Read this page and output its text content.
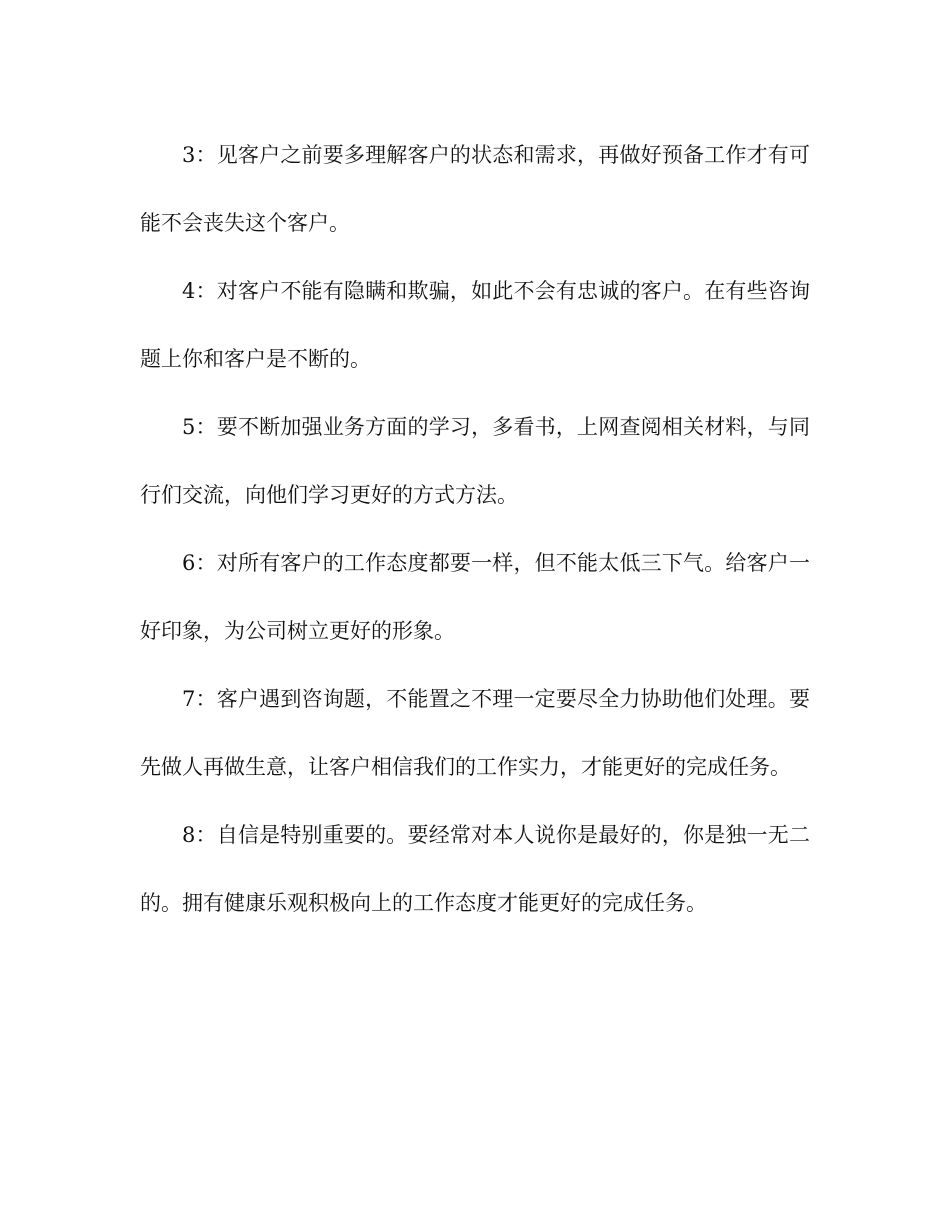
3：见客户之前要多理解客户的状态和需求，再做好预备工作才有可能不会丧失这个客户。

4：对客户不能有隐瞒和欺骗，如此不会有忠诚的客户。在有些咨询题上你和客户是不断的。

5：要不断加强业务方面的学习，多看书，上网查阅相关材料，与同行们交流，向他们学习更好的方式方法。

6：对所有客户的工作态度都要一样，但不能太低三下气。给客户一好印象，为公司树立更好的形象。

7：客户遇到咨询题，不能置之不理一定要尽全力协助他们处理。要先做人再做生意，让客户相信我们的工作实力，才能更好的完成任务。

8：自信是特别重要的。要经常对本人说你是最好的，你是独一无二的。拥有健康乐观积极向上的工作态度才能更好的完成任务。
